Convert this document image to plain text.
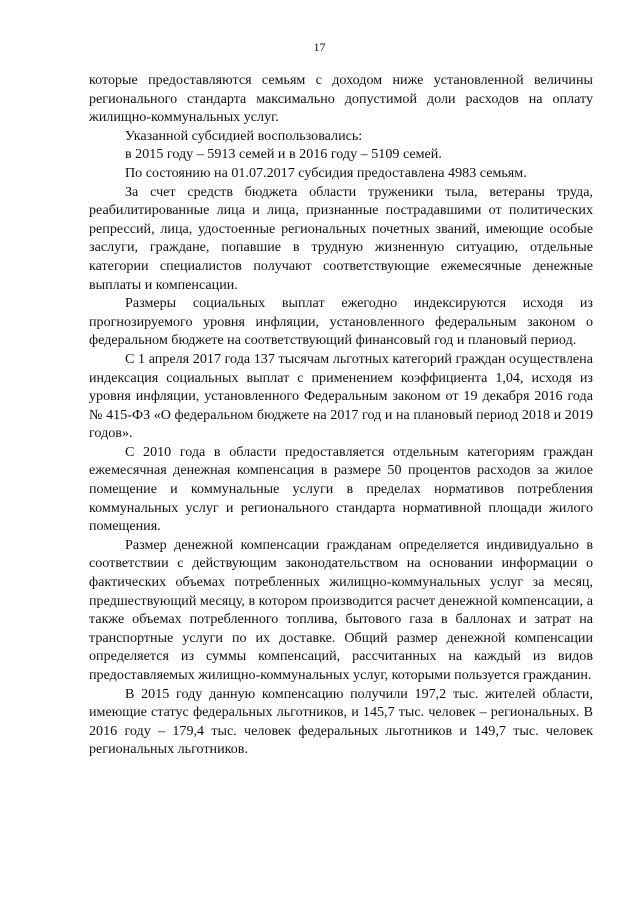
17

которые предоставляются семьям с доходом ниже установленной величины регионального стандарта максимально допустимой доли расходов на оплату жилищно-коммунальных услуг.

Указанной субсидией воспользовались:

в 2015 году – 5913 семей и в 2016 году – 5109 семей.

По состоянию на 01.07.2017 субсидия предоставлена 4983 семьям.

За счет средств бюджета области труженики тыла, ветераны труда, реабилитированные лица и лица, признанные пострадавшими от политических репрессий, лица, удостоенные региональных почетных званий, имеющие особые заслуги, граждане, попавшие в трудную жизненную ситуацию, отдельные категории специалистов получают соответствующие ежемесячные денежные выплаты и компенсации.

Размеры социальных выплат ежегодно индексируются исходя из прогнозируемого уровня инфляции, установленного федеральным законом о федеральном бюджете на соответствующий финансовый год и плановый период.

С 1 апреля 2017 года 137 тысячам льготных категорий граждан осуществлена индексация социальных выплат с применением коэффициента 1,04, исходя из уровня инфляции, установленного Федеральным законом от 19 декабря 2016 года № 415-ФЗ «О федеральном бюджете на 2017 год и на плановый период 2018 и 2019 годов».

С 2010 года в области предоставляется отдельным категориям граждан ежемесячная денежная компенсация в размере 50 процентов расходов за жилое помещение и коммунальные услуги в пределах нормативов потребления коммунальных услуг и регионального стандарта нормативной площади жилого помещения.

Размер денежной компенсации гражданам определяется индивидуально в соответствии с действующим законодательством на основании информации о фактических объемах потребленных жилищно-коммунальных услуг за месяц, предшествующий месяцу, в котором производится расчет денежной компенсации, а также объемах потребленного топлива, бытового газа в баллонах и затрат на транспортные услуги по их доставке. Общий размер денежной компенсации определяется из суммы компенсаций, рассчитанных на каждый из видов предоставляемых жилищно-коммунальных услуг, которыми пользуется гражданин.

В 2015 году данную компенсацию получили 197,2 тыс. жителей области, имеющие статус федеральных льготников, и 145,7 тыс. человек – региональных. В 2016 году – 179,4 тыс. человек федеральных льготников и 149,7 тыс. человек региональных льготников.
